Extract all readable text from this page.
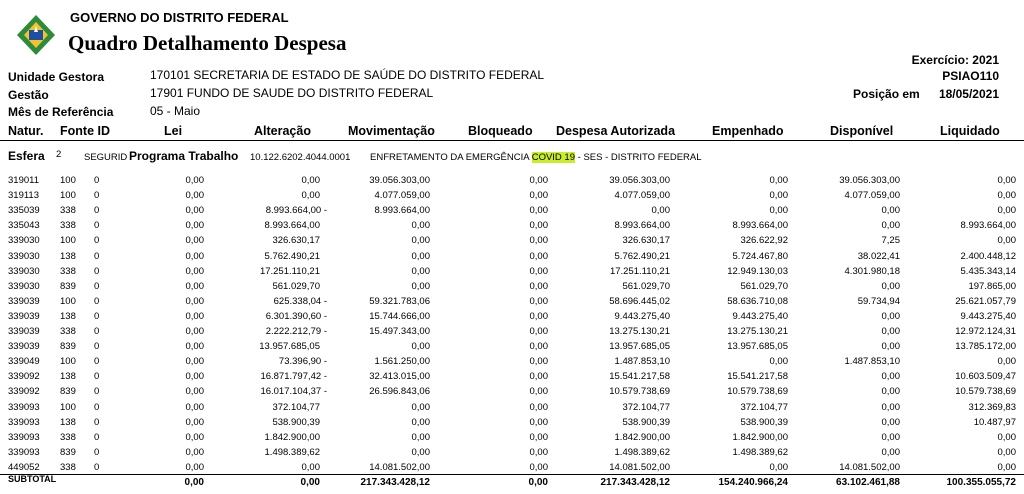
GOVERNO DO DISTRITO FEDERAL
Quadro Detalhamento Despesa
Exercício: 2021
PSIAO110
Posição em 18/05/2021
Unidade Gestora	170101 SECRETARIA DE ESTADO DE SAÚDE DO DISTRITO FEDERAL
Gestão	17901 FUNDO DE SAUDE DO DISTRITO FEDERAL
Mês de Referência	05 - Maio
Natur. Fonte ID	Lei	Alteração	Movimentação	Bloqueado Despesa Autorizada	Empenhado	Disponível	Liquidado
Esfera 2 SEGURID Programa Trabalho 10.122.6202.4044.0001 ENFRETAMENTO DA EMERGÊNCIA COVID 19 - SES - DISTRITO FEDERAL
319011 100 0	0,00	0,00	39.056.303,00	0,00	39.056.303,00	0,00	39.056.303,00	0,00
319113 100 0	0,00	0,00	4.077.059,00	0,00	4.077.059,00	0,00	4.077.059,00	0,00
335039 338 0	0,00	8.993.664,00 -	8.993.664,00	0,00	0,00	0,00	0,00	0,00
335043 338 0	0,00	8.993.664,00	0,00	0,00	8.993.664,00	8.993.664,00	0,00	8.993.664,00
339030 100 0	0,00	326.630,17	0,00	0,00	326.630,17	326.622,92	7,25	0,00
339030 138 0	0,00	5.762.490,21	0,00	0,00	5.762.490,21	5.724.467,80	38.022,41	2.400.448,12
339030 338 0	0,00	17.251.110,21	0,00	0,00	17.251.110,21	12.949.130,03	4.301.980,18	5.435.343,14
339030 839 0	0,00	561.029,70	0,00	0,00	561.029,70	561.029,70	0,00	197.865,00
339039 100 0	0,00	625.338,04 -	59.321.783,06	0,00	58.696.445,02	58.636.710,08	59.734,94	25.621.057,79
339039 138 0	0,00	6.301.390,60 -	15.744.666,00	0,00	9.443.275,40	9.443.275,40	0,00	9.443.275,40
339039 338 0	0,00	2.222.212,79 -	15.497.343,00	0,00	13.275.130,21	13.275.130,21	0,00	12.972.124,31
339039 839 0	0,00	13.957.685,05	0,00	0,00	13.957.685,05	13.957.685,05	0,00	13.785.172,00
339049 100 0	0,00	73.396,90 -	1.561.250,00	0,00	1.487.853,10	0,00	1.487.853,10	0,00
339092 138 0	0,00	16.871.797,42 -	32.413.015,00	0,00	15.541.217,58	15.541.217,58	0,00	10.603.509,47
339092 839 0	0,00	16.017.104,37 -	26.596.843,06	0,00	10.579.738,69	10.579.738,69	0,00	10.579.738,69
339093 100 0	0,00	372.104,77	0,00	0,00	372.104,77	372.104,77	0,00	312.369,83
339093 138 0	0,00	538.900,39	0,00	0,00	538.900,39	538.900,39	0,00	10.487,97
339093 338 0	0,00	1.842.900,00	0,00	0,00	1.842.900,00	1.842.900,00	0,00	0,00
339093 839 0	0,00	1.498.389,62	0,00	0,00	1.498.389,62	1.498.389,62	0,00	0,00
449052 338 0	0,00	0,00	14.081.502,00	0,00	14.081.502,00	0,00	14.081.502,00	0,00
SUBTOTAL	0,00	0,00	217.343.428,12	0,00	217.343.428,12	154.240.966,24	63.102.461,88	100.355.055,72
